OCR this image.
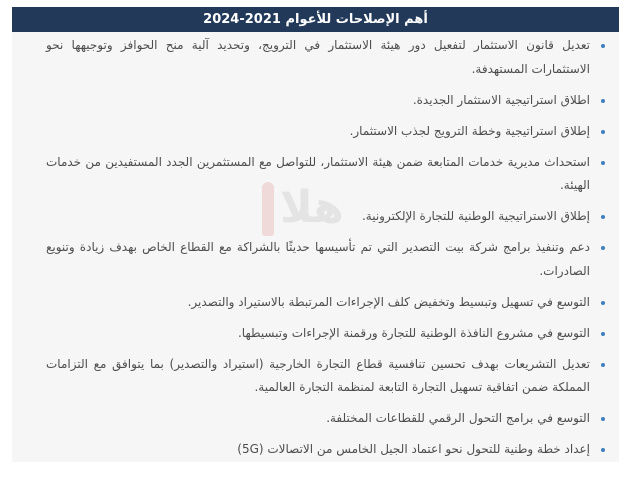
أهم الإصلاحات للأعوام 2021-2024
هلا
تعديل قانون الاستثمار لتفعيل دور هيئة الاستثمار في الترويج، وتحديد آلية منح الحوافز وتوجيهها نحو الاستثمارات المستهدفة.
اطلاق استراتيجية الاستثمار الجديدة.
إطلاق استراتيجية وخطة الترويج لجذب الاستثمار.
استحداث مديرية خدمات المتابعة ضمن هيئة الاستثمار، للتواصل مع المستثمرين الجدد المستفيدين من خدمات الهيئة.
إطلاق الاستراتيجية الوطنية للتجارة الإلكترونية.
دعم وتنفيذ برامج شركة بيت التصدير التي تم تأسيسها حديثًا بالشراكة مع القطاع الخاص بهدف زيادة وتنويع الصادرات.
التوسع في تسهيل وتبسيط وتخفيض كلف الإجراءات المرتبطة بالاستيراد والتصدير.
التوسع في مشروع النافذة الوطنية للتجارة ورقمنة الإجراءات وتبسيطها.
تعديل التشريعات بهدف تحسين تنافسية قطاع التجارة الخارجية (استيراد والتصدير) بما يتوافق مع التزامات المملكة ضمن اتفاقية تسهيل التجارة التابعة لمنظمة التجارة العالمية.
التوسع في برامج التحول الرقمي للقطاعات المختلفة.
إعداد خطة وطنية للتحول نحو اعتماد الجيل الخامس من الاتصالات (5G)
